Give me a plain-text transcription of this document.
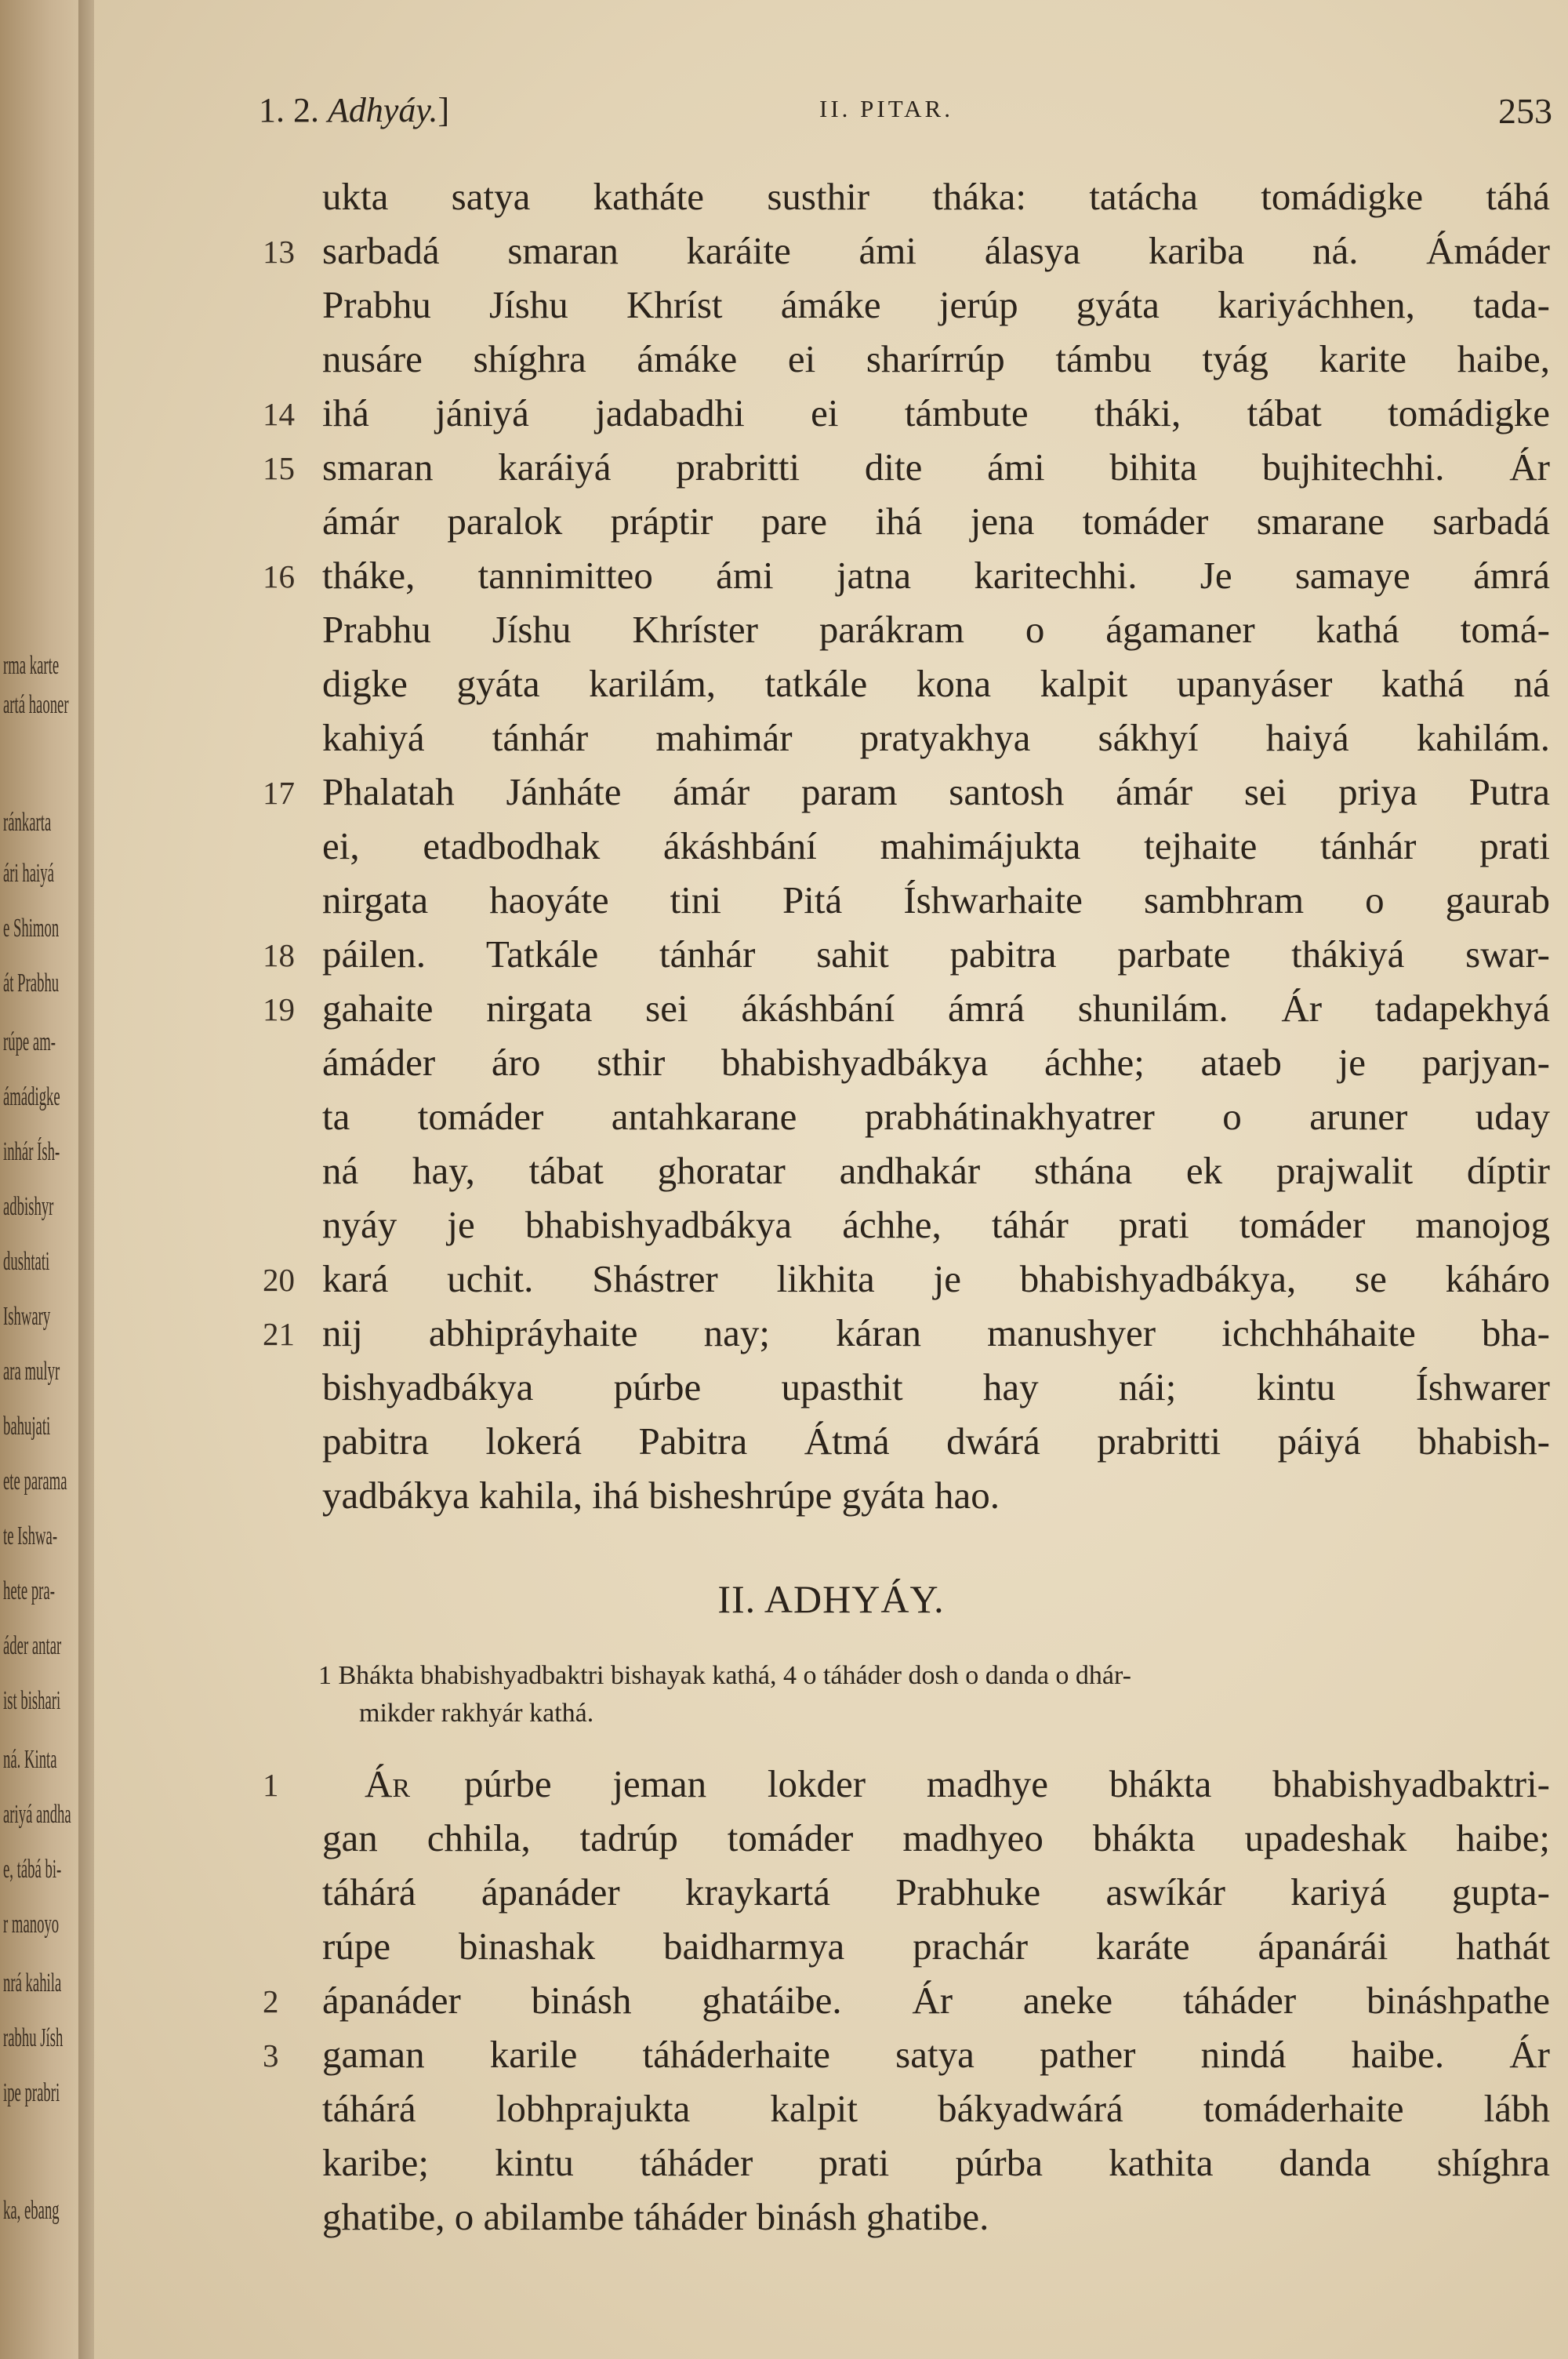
rma karte
artá haoner
ránkarta
ári haiyá
e Shimon
át Prabhu
rúpe am-
ámádigke
inhár Ísh-
adbishyr
dushtati
Ishwary
ara mulyr
bahujati
ete parama
te Ishwa-
hete pra-
áder antar
ist bishari
ná. Kinta
ariyá andha
e, tábá bi-
r manoyo
nrá kahila
rabhu Jísh
ipe prabri
ka, ebang
1. 2. Adhyáy.]	II. PITAR.	253
ukta satya katháte susthir tháka: tatácha tomádigke táhá
13 sarbadá smaran karáite ámi álasya kariba ná. Ámáder
Prabhu Jíshu Khríst ámáke jerúp gyáta kariyáchhen, tada-
nusáre shíghra ámáke ei sharírrúp támbu tyág karite haibe,
14 ihá jániyá jadabadhi ei támbute tháki, tábat tomádigke
15 smaran karáiyá prabritti dite ámi bihita bujhitechhi. Ár
ámár paralok práptir pare ihá jena tomáder smarane sarbadá
16 tháke, tannimitteo ámi jatna karitechhi. Je samaye ámrá
Prabhu Jíshu Khríster parákram o ágamaner kathá tomá-
digke gyáta karilám, tatkále kona kalpit upanyáser kathá ná
kahiyá tánhár mahimár pratyakhya sákhyí haiyá kahilám.
17 Phalatah Jánháte ámár param santosh ámár sei priya Putra
ei, etadbodhak ákáshbání mahimájukta tejhaite tánhár prati
nirgata haoyáte tini Pitá Íshwarhaite sambhram o gaurab
18 páilen. Tatkále tánhár sahit pabitra parbate thákiyá swar-
19 gahaite nirgata sei ákáshbání ámrá shunilám. Ár tadapekhyá
ámáder áro sthir bhabishyadbákya áchhe; ataeb je parjyan-
ta tomáder antahkarane prabhátinakhyatrer o aruner uday
ná hay, tábat ghoratar andhakár sthána ek prajwalit díptir
nyáy je bhabishyadbákya áchhe, táhár prati tomáder manojog
20 kará uchit. Shástrer likhita je bhabishyadbákya, se káháro
21 nij abhipráyhaite nay; káran manushyer ichchháhaite bha-
bishyadbákya púrbe upasthit hay nái; kintu Íshwarer
pabitra lokerá Pabitra Átmá dwárá prabritti páiyá bhabish-
yadbákya kahila, ihá bisheshrúpe gyáta hao.
II. ADHYÁY.
1 Bhákta bhabishyadbaktri bishayak kathá, 4 o táháder dosh o danda o dhár-
mikder rakhyár kathá.
1	púrbe jeman lokder madhye bhákta bhabishyadbaktri-
Ár
gan chhila, tadrúp tomáder madhyeo bhákta upadeshak haibe;
táhárá ápanáder kraykartá Prabhuke aswíkár kariyá gupta-
rúpe binashak baidharmya prachár karáte ápanárái hathát
2 ápanáder binásh ghatáibe. Ár aneke táháder bináshpathe
3 gaman karile táháderhaite satya pather nindá haibe. Ár
táhárá lobhprajukta kalpit bákyadwárá tomáderhaite lábh
karibe; kintu táháder prati púrba kathita danda shíghra
ghatibe, o abilambe táháder binásh ghatibe.
